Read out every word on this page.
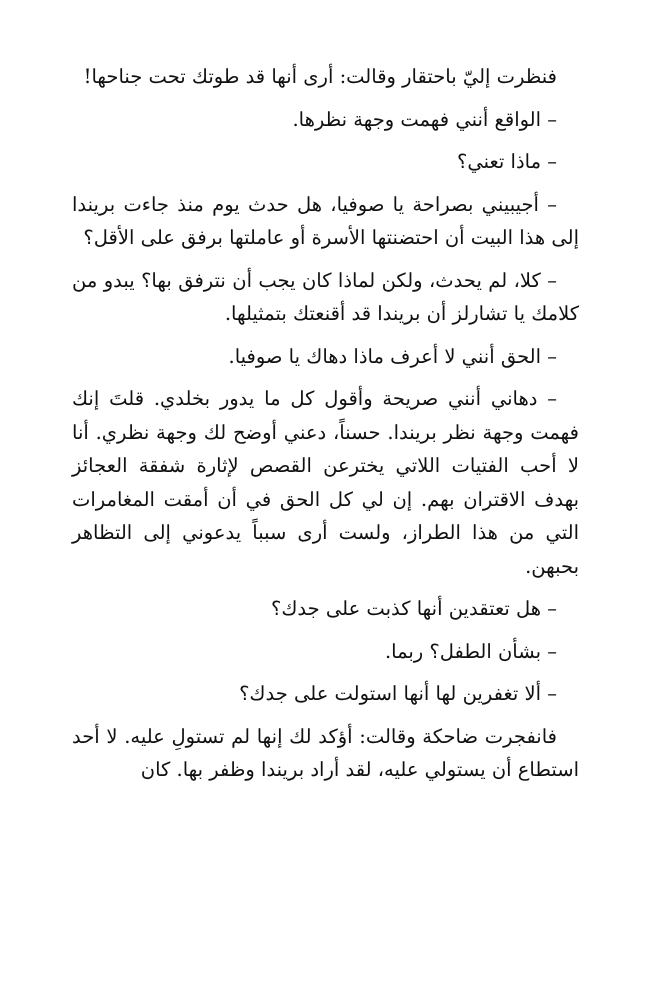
فنظرت إليّ باحتقار وقالت: أرى أنها قد طوتك تحت جناحها!

– الواقع أنني فهمت وجهة نظرها.

– ماذا تعني؟

– أجيبيني بصراحة يا صوفيا، هل حدث يوم منذ جاءت بريندا إلى هذا البيت أن احتضنتها الأسرة أو عاملتها برفق على الأقل؟

– كلا، لم يحدث، ولكن لماذا كان يجب أن نترفق بها؟ يبدو من كلامك يا تشارلز أن بريندا قد أقنعتك بتمثيلها.

– الحق أنني لا أعرف ماذا دهاك يا صوفيا.

– دهاني أنني صريحة وأقول كل ما يدور بخلدي. قلتَ إنك فهمت وجهة نظر بريندا. حسناً، دعني أوضح لك وجهة نظري. أنا لا أحب الفتيات اللاتي يخترعن القصص لإثارة شفقة العجائز بهدف الاقتران بهم. إن لي كل الحق في أن أمقت المغامرات التي من هذا الطراز، ولست أرى سبباً يدعوني إلى التظاهر بحبهن.

– هل تعتقدين أنها كذبت على جدك؟

– بشأن الطفل؟ ربما.

– ألا تغفرين لها أنها استولت على جدك؟

فانفجرت ضاحكة وقالت: أؤكد لك إنها لم تستولِ عليه. لا أحد استطاع أن يستولي عليه، لقد أراد بريندا وظفر بها. كان
